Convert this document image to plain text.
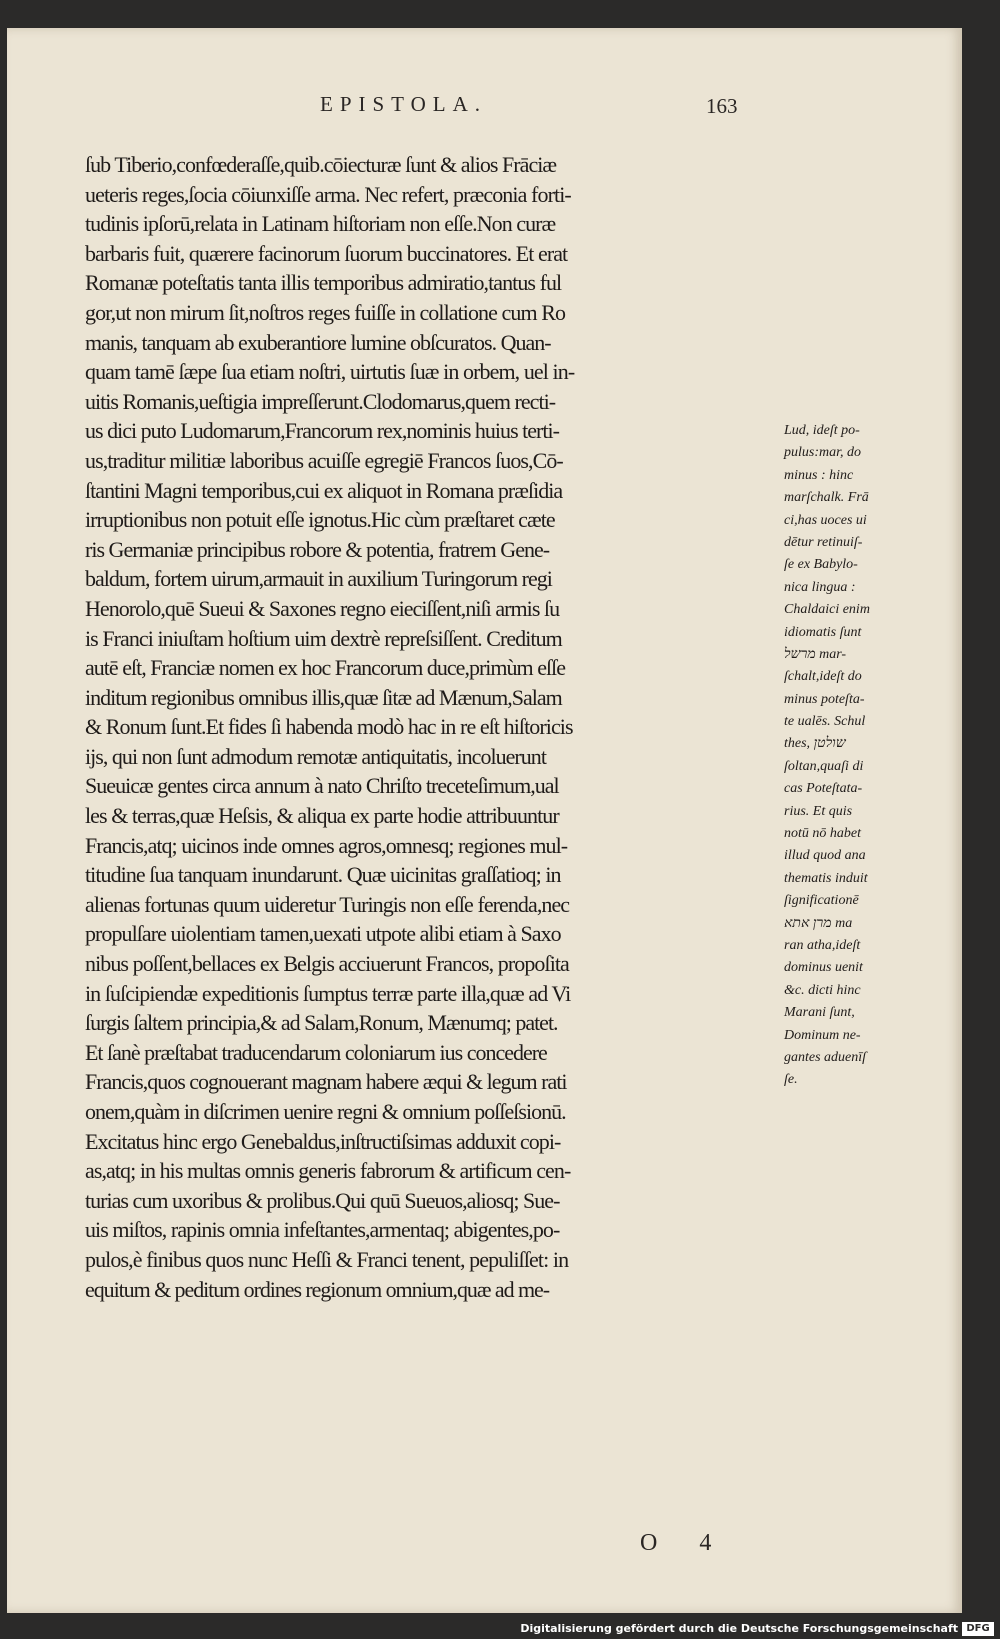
EPISTOLA.	163
ſub Tiberio,confœderaſſe,quib.cōiecturæ ſunt & alios Frāciæ
ueteris reges,ſocia cōiunxiſſe arma. Nec refert, præconia forti-
tudinis ipſorū,relata in Latinam hiſtoriam non eſſe.Non curæ
barbaris fuit, quærere facinorum ſuorum buccinatores. Et erat
Romanæ poteſtatis tanta illis temporibus admiratio,tantus ful
gor,ut non mirum ſit,noſtros reges fuiſſe in collatione cum Ro
manis, tanquam ab exuberantiore lumine obſcuratos. Quan-
quam tamē ſæpe ſua etiam noſtri, uirtutis ſuæ in orbem, uel in-
uitis Romanis,ueſtigia impreſſerunt.Clodomarus,quem recti-
us dici puto Ludomarum,Francorum rex,nominis huius terti-
us,traditur militiæ laboribus acuiſſe egregiē Francos ſuos,Cō-
ſtantini Magni temporibus,cui ex aliquot in Romana præſidia
irruptionibus non potuit eſſe ignotus.Hic cùm præſtaret cæte
ris Germaniæ principibus robore & potentia, fratrem Gene-
baldum, fortem uirum,armauit in auxilium Turingorum regi
Henorolo,quē Sueui & Saxones regno eieciſſent,niſi armis ſu
is Franci iniuſtam hoſtium uim dextrè repreſsiſſent. Creditum
autē eſt, Franciæ nomen ex hoc Francorum duce,primùm eſſe
inditum regionibus omnibus illis,quæ ſitæ ad Mænum,Salam
& Ronum ſunt.Et fides ſi habenda modò hac in re eſt hiſtoricis
ijs, qui non ſunt admodum remotæ antiquitatis, incoluerunt
Sueuicæ gentes circa annum à nato Chriſto treceteſimum,ual
les & terras,quæ Heſsis, & aliqua ex parte hodie attribuuntur
Francis,atq; uicinos inde omnes agros,omnesq; regiones mul-
titudine ſua tanquam inundarunt. Quæ uicinitas graſſatioq; in
alienas fortunas quum uideretur Turingis non eſſe ferenda,nec
propulſare uiolentiam tamen,uexati utpote alibi etiam à Saxo
nibus poſſent,bellaces ex Belgis acciuerunt Francos, propoſita
in ſuſcipiendæ expeditionis ſumptus terræ parte illa,quæ ad Vi
ſurgis ſaltem principia,& ad Salam,Ronum, Mænumq; patet.
Et ſanè præſtabat traducendarum coloniarum ius concedere
Francis,quos cognouerant magnam habere æqui & legum rati
onem,quàm in diſcrimen uenire regni & omnium poſſeſsionū.
Excitatus hinc ergo Genebaldus,inſtructiſsimas adduxit copi-
as,atq; in his multas omnis generis fabrorum & artificum cen-
turias cum uxoribus & prolibus.Qui quū Sueuos,aliosq; Sue-
uis miſtos, rapinis omnia infeſtantes,armentaq; abigentes,po-
pulos,è finibus quos nunc Heſſi & Franci tenent, pepuliſſet: in
equitum & peditum ordines regionum omnium,quæ ad me-
Lud, ideſt po-
pulus:mar, do
minus : hinc
marſchalk. Frā
ci,has uoces ui
dētur retinuiſ-
ſe ex Babylo-
nica lingua :
Chaldaici enim
idiomatis ſunt
מרשל mar-
ſchalt,ideſt do
minus poteſta-
te ualēs. Schul
thes, שולטן
ſoltan,quaſi di
cas Poteſtata-
rius. Et quis
notū nō habet
illud quod ana
thematis induit
ſignificationē
מרן אתא ma
ran atha,ideſt
dominus uenit
&c. dicti hinc
Marani ſunt,
Dominum ne-
gantes aduenīſ
ſe.
O 4
Digitalisierung gefördert durch die Deutsche Forschungsgemeinschaft DFG
